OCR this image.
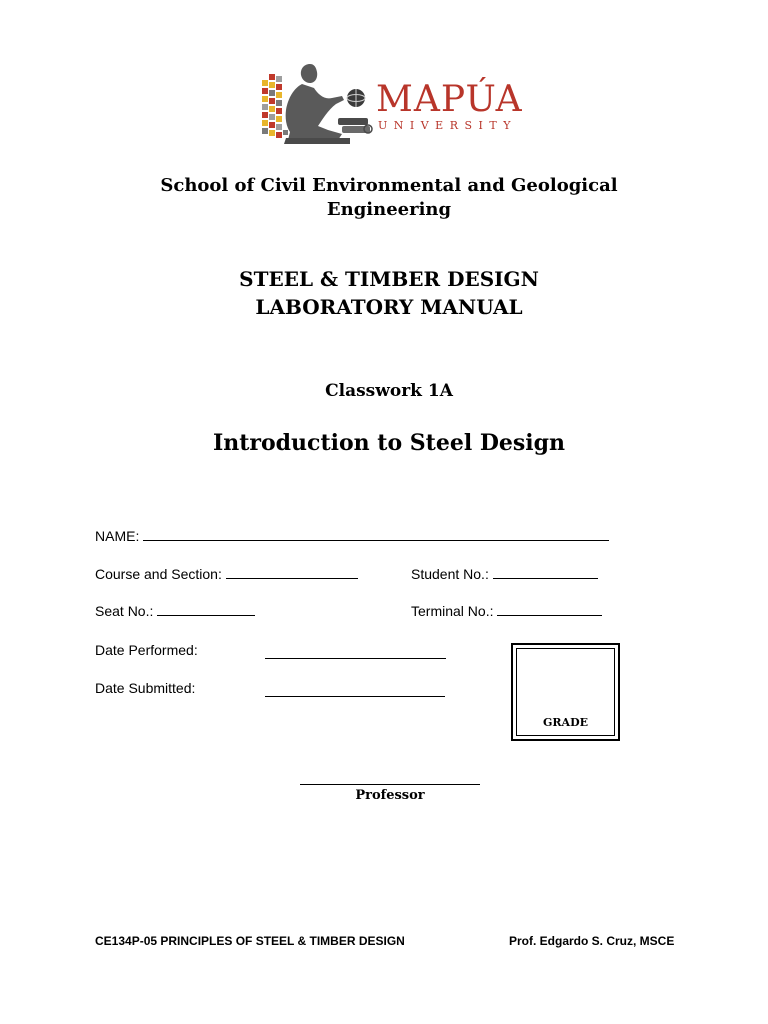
MAPÚA
UNIVERSITY
School of Civil Environmental and Geological
Engineering
STEEL & TIMBER DESIGN
LABORATORY MANUAL
Classwork 1A
Introduction to Steel Design
NAME:
Course and Section:	Student No.:
Seat No.:	Terminal No.:
Date Performed:
Date Submitted:
GRADE
Professor
CE134P-05 PRINCIPLES OF STEEL & TIMBER DESIGN	Prof. Edgardo S. Cruz, MSCE
